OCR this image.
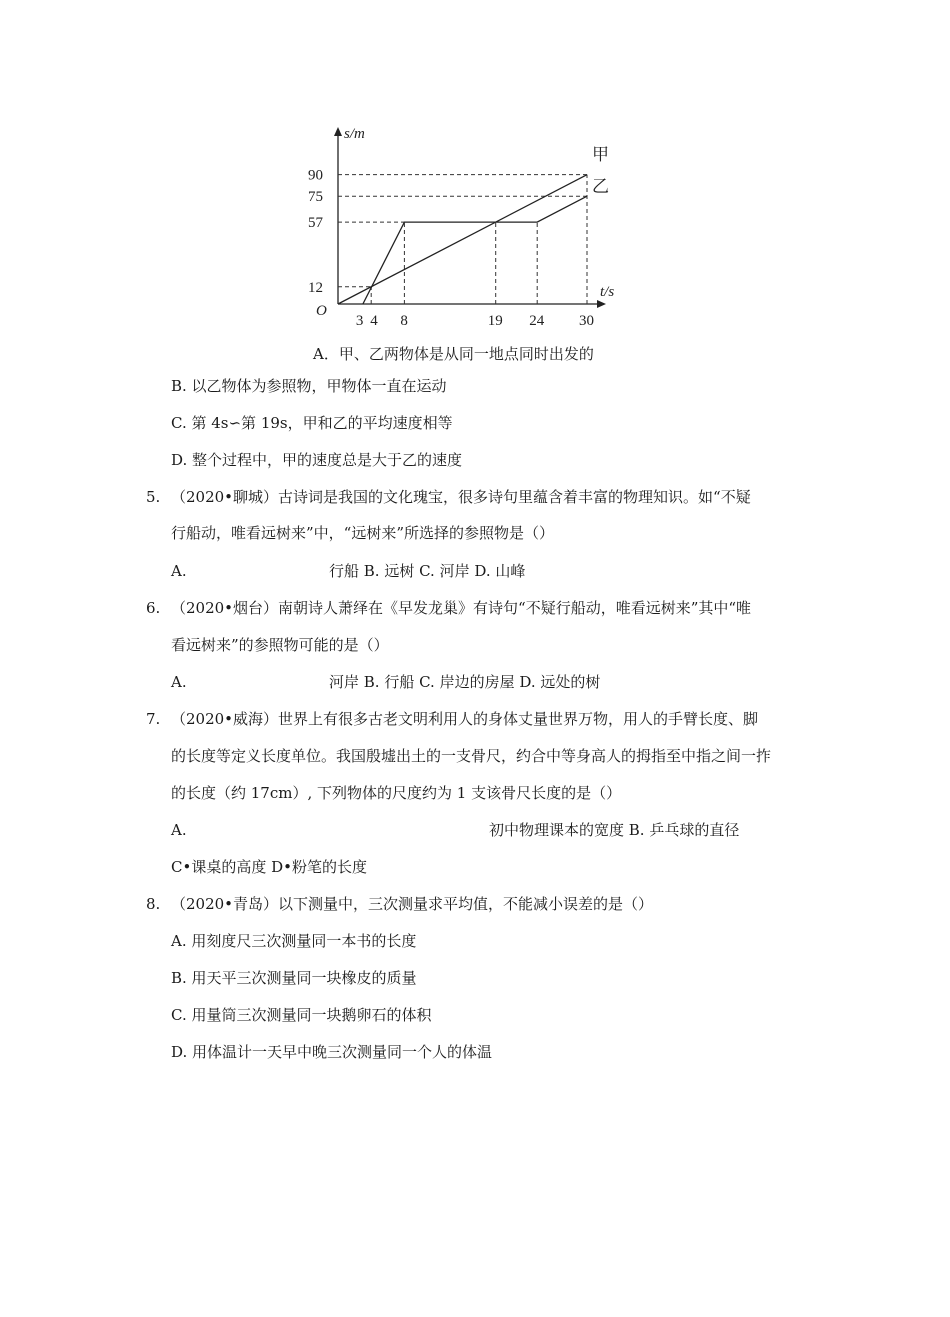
90
75
57
12
3 4 8	19 24 30
s/m
t/s
O
甲
乙
A．甲、乙两物体是从同一地点同时出发的
B. 以乙物体为参照物，甲物体一直在运动
C. 第 4s∽第 19s，甲和乙的平均速度相等
D. 整个过程中，甲的速度总是大于乙的速度
5. （2020•聊城）古诗词是我国的文化瑰宝，很多诗句里蕴含着丰富的物理知识。如“不疑
行船动，唯看远树来”中，“远树来”所选择的参照物是（）
A.	行船 B. 远树 C. 河岸 D. 山峰
6. （2020•烟台）南朝诗人萧绎在《早发龙巢》有诗句“不疑行船动，唯看远树来”其中“唯
看远树来”的参照物可能的是（）
A.	河岸 B. 行船 C. 岸边的房屋 D. 远处的树
7. （2020•威海）世界上有很多古老文明利用人的身体丈量世界万物，用人的手臂长度、脚
的长度等定义长度单位。我国殷墟出土的一支骨尺，约合中等身高人的拇指至中指之间一拃
的长度（约 17cm）, 下列物体的尺度约为 1 支该骨尺长度的是（）
A.	初中物理课本的宽度 B. 乒乓球的直径
C•课桌的高度 D•粉笔的长度
8. （2020•青岛）以下测量中，三次测量求平均值，不能减小误差的是（）
A. 用刻度尺三次测量同一本书的长度
B. 用天平三次测量同一块橡皮的质量
C. 用量筒三次测量同一块鹅卵石的体积
D. 用体温计一天早中晚三次测量同一个人的体温
